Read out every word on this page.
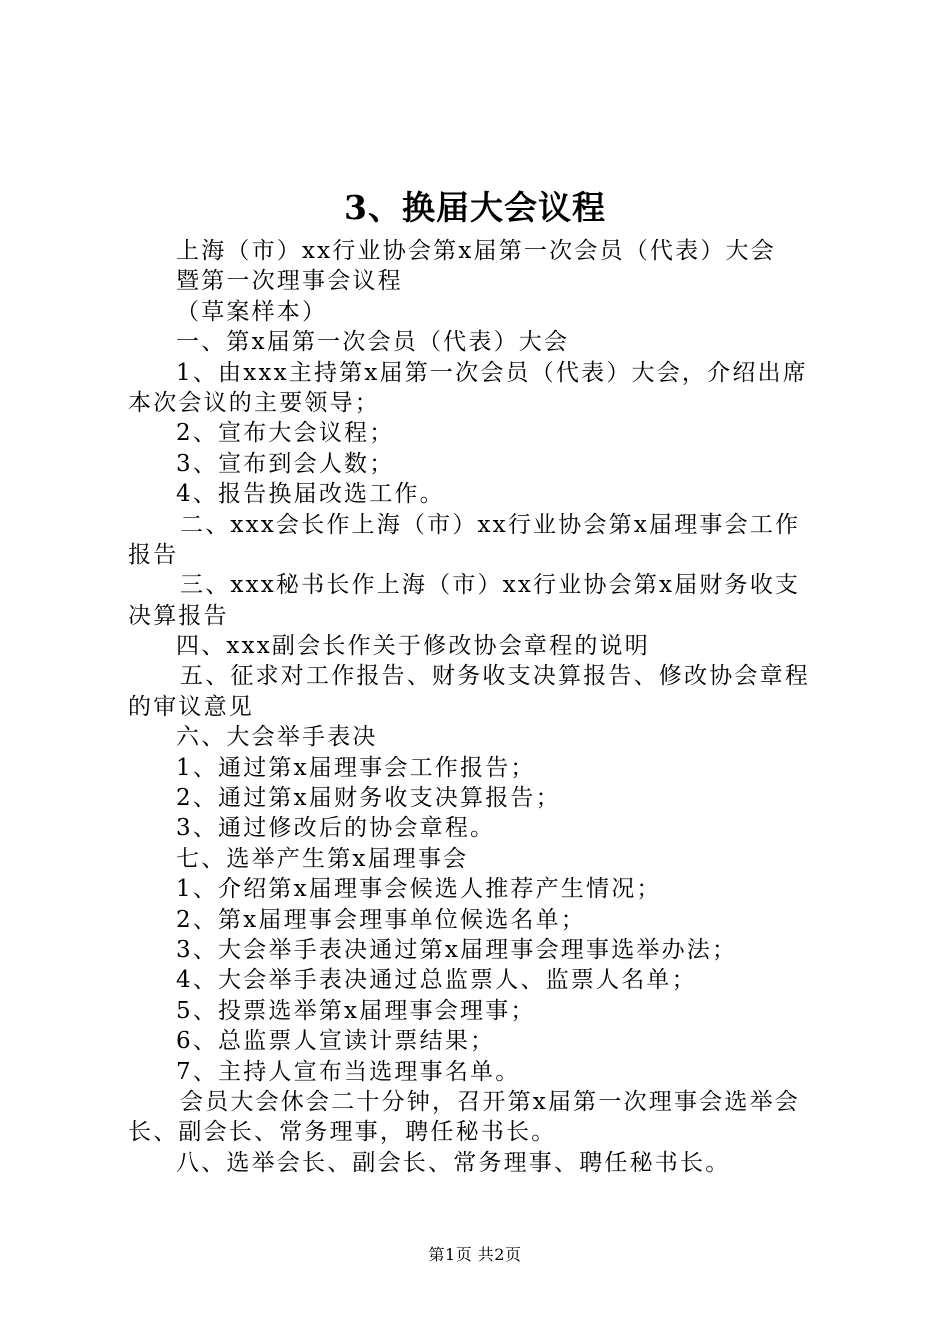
3、换届大会议程

上海（市）xx行业协会第x届第一次会员（代表）大会

暨第一次理事会议程

（草案样本）

一、第x届第一次会员（代表）大会

1、由xxx主持第x届第一次会员（代表）大会，介绍出席

本次会议的主要领导；

2、宣布大会议程；

3、宣布到会人数；

4、报告换届改选工作。

二、xxx会长作上海（市）xx行业协会第x届理事会工作

报告

三、xxx秘书长作上海（市）xx行业协会第x届财务收支

决算报告

四、xxx副会长作关于修改协会章程的说明

五、征求对工作报告、财务收支决算报告、修改协会章程

的审议意见

六、大会举手表决

1、通过第x届理事会工作报告；

2、通过第x届财务收支决算报告；

3、通过修改后的协会章程。

七、选举产生第x届理事会

1、介绍第x届理事会候选人推荐产生情况；

2、第x届理事会理事单位候选名单；

3、大会举手表决通过第x届理事会理事选举办法；

4、大会举手表决通过总监票人、监票人名单；

5、投票选举第x届理事会理事；

6、总监票人宣读计票结果；

7、主持人宣布当选理事名单。

会员大会休会二十分钟，召开第x届第一次理事会选举会

长、副会长、常务理事，聘任秘书长。

八、选举会长、副会长、常务理事、聘任秘书长。

第1页 共2页
